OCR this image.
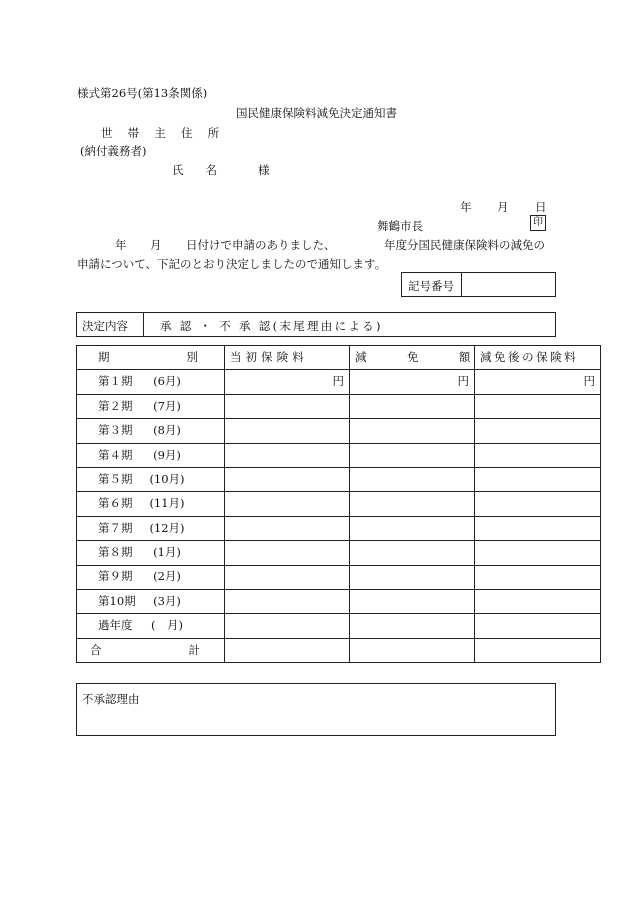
様式第26号(第13条関係)
国民健康保険料減免決定通知書
世 帯 主 住 所
(納付義務者)
氏 名	様
年 月 日
舞鶴市長	印
年 月 日付けで申請のありました、	年度分国民健康保険料の減免の
申請について、下記のとおり決定しましたので通知します。
記号番号
決定内容	承 認 ・ 不 承 認(末尾理由による)
期 別	当初保険料	減 免 額	減免後の保険料
第１期 (6月)	円	円	円
第２期 (7月)			
第３期 (8月)			
第４期 (9月)			
第５期 (10月)			
第６期 (11月)			
第７期 (12月)			
第８期 (1月)			
第９期 (2月)			
第10期 (3月)			
過年度 (　月)			
合 計			
不承認理由
